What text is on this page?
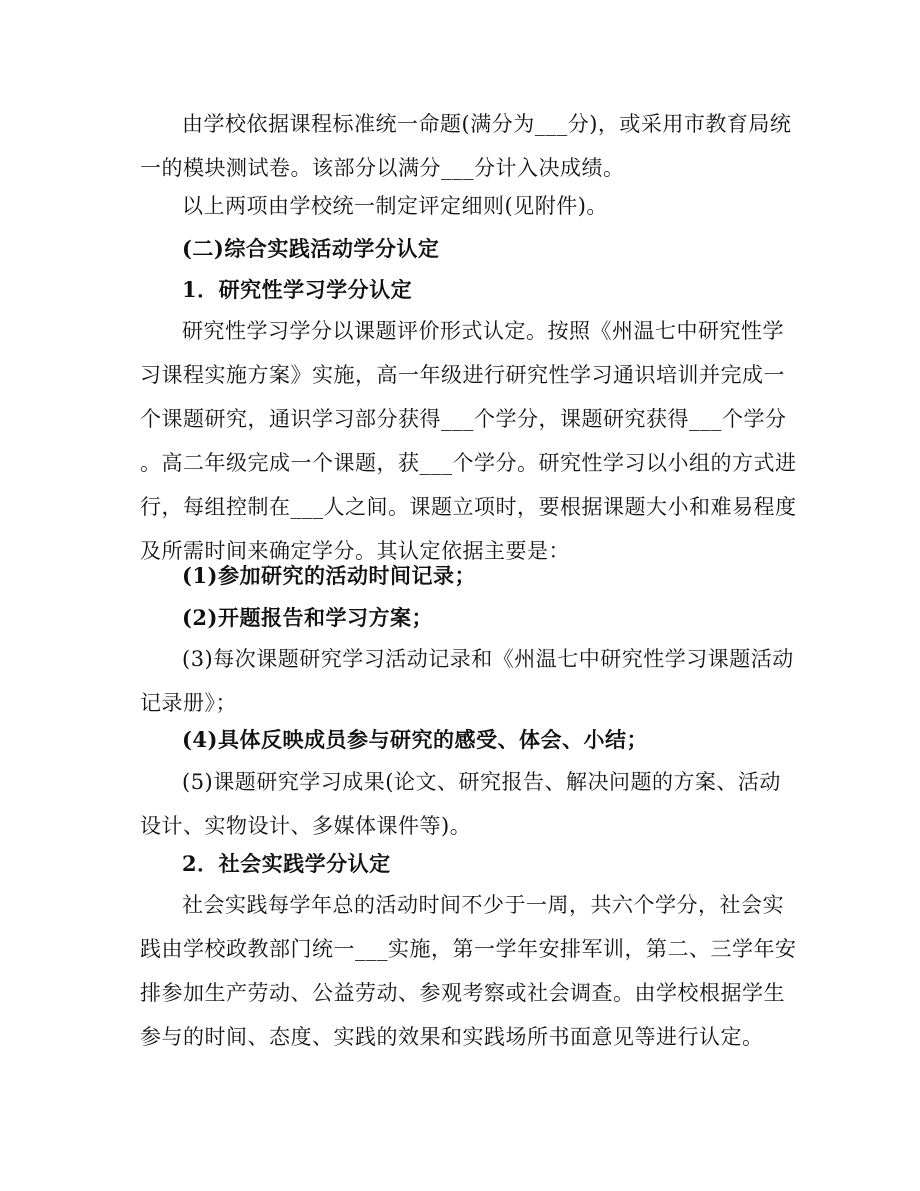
由学校依据课程标准统一命题(满分为___分)，或采用市教育局统
一的模块测试卷。该部分以满分___分计入决成绩。
以上两项由学校统一制定评定细则(见附件)。
(二)综合实践活动学分认定
1．研究性学习学分认定
研究性学习学分以课题评价形式认定。按照《州温七中研究性学
习课程实施方案》实施，高一年级进行研究性学习通识培训并完成一
个课题研究，通识学习部分获得___个学分，课题研究获得___个学分
。高二年级完成一个课题，获___个学分。研究性学习以小组的方式进
行，每组控制在___人之间。课题立项时，要根据课题大小和难易程度
及所需时间来确定学分。其认定依据主要是：
(1)参加研究的活动时间记录；
(2)开题报告和学习方案；
(3)每次课题研究学习活动记录和《州温七中研究性学习课题活动
记录册》；
(4)具体反映成员参与研究的感受、体会、小结；
(5)课题研究学习成果(论文、研究报告、解决问题的方案、活动
设计、实物设计、多媒体课件等)。
2．社会实践学分认定
社会实践每学年总的活动时间不少于一周，共六个学分，社会实
践由学校政教部门统一___实施，第一学年安排军训，第二、三学年安
排参加生产劳动、公益劳动、参观考察或社会调查。由学校根据学生
参与的时间、态度、实践的效果和实践场所书面意见等进行认定。
